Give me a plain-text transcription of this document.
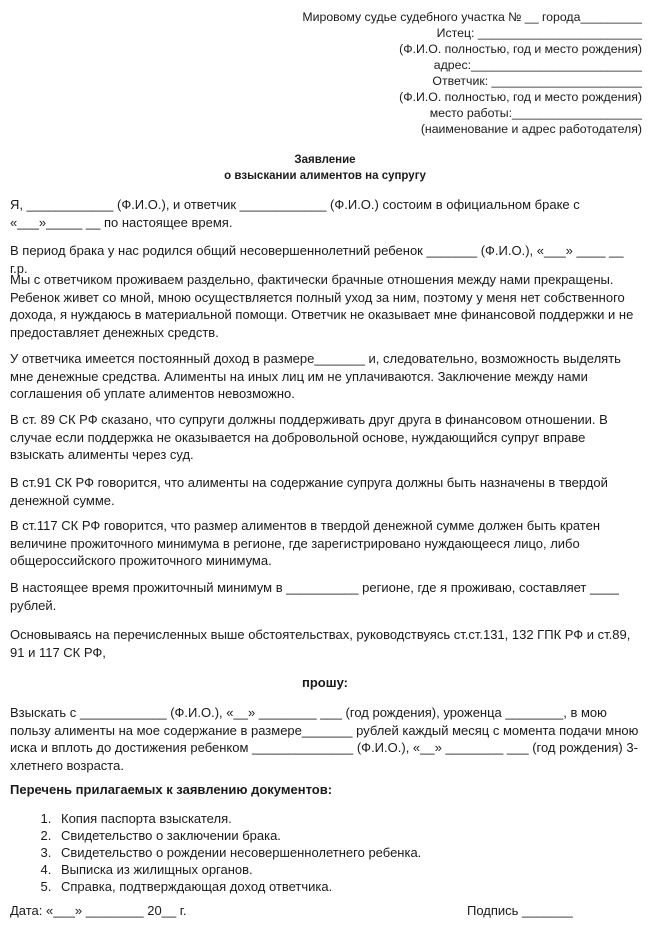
Мировому судье судебного участка № __ города_________
Истец: ________________________
(Ф.И.О. полностью, год и место рождения)
адрес:_________________________
Ответчик: ______________________
(Ф.И.О. полностью, год и место рождения)
место работы:___________________
(наименование и адрес работодателя)
Заявление
о взыскании алиментов на супругу

Я, ____________ (Ф.И.О.), и ответчик ____________ (Ф.И.О.) состоим в официальном браке с «___»_____ __ по настоящее время.

В период брака у нас родился общий несовершеннолетний ребенок _______ (Ф.И.О.), «___» ____ __ г.р.

Мы с ответчиком проживаем раздельно, фактически брачные отношения между нами прекращены. Ребенок живет со мной, мною осуществляется полный уход за ним, поэтому у меня нет собственного дохода, я нуждаюсь в материальной помощи. Ответчик не оказывает мне финансовой поддержки и не предоставляет денежных средств.

У ответчика имеется постоянный доход в размере_______ и, следовательно, возможность выделять мне денежные средства. Алименты на иных лиц им не уплачиваются. Заключение между нами соглашения об уплате алиментов невозможно.

В ст. 89 СК РФ сказано, что супруги должны поддерживать друг друга в финансовом отношении. В случае если поддержка не оказывается на добровольной основе, нуждающийся супруг вправе взыскать алименты через суд.

В ст.91 СК РФ говорится, что алименты на содержание супруга должны быть назначены в твердой денежной сумме.

В ст.117 СК РФ говорится, что размер алиментов в твердой денежной сумме должен быть кратен величине прожиточного минимума в регионе, где зарегистрировано нуждающееся лицо, либо общероссийского прожиточного минимума.

В настоящее время прожиточный минимум в __________ регионе, где я проживаю, составляет ____ рублей.

Основываясь на перечисленных выше обстоятельствах, руководствуясь ст.ст.131, 132 ГПК РФ и ст.89, 91 и 117 СК РФ,

прошу:

Взыскать с ____________ (Ф.И.О.), «__» ________ ___ (год рождения), уроженца ________, в мою пользу алименты на мое содержание в размере_______ рублей каждый месяц с момента подачи мною иска и вплоть до достижения ребенком ______________ (Ф.И.О.), «__» ________ ___ (год рождения) 3-хлетнего возраста.

Перечень прилагаемых к заявлению документов:
1. Копия паспорта взыскателя.
2. Свидетельство о заключении брака.
3. Свидетельство о рождении несовершеннолетнего ребенка.
4. Выписка из жилищных органов.
5. Справка, подтверждающая доход ответчика.
Дата: «___» ________ 20__ г.	Подпись _______
